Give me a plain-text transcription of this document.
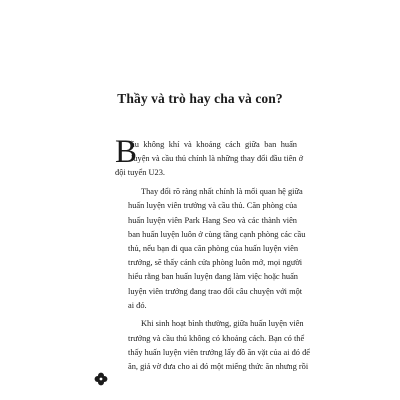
Thầy và trò hay cha và con?
B
ầu không khí và khoảng cách giữa ban huấn
luyện và cầu thủ chính là những thay đổi đầu tiên ở
đội tuyển U23.
Thay đổi rõ ràng nhất chính là mối quan hệ giữa
huấn luyện viên trưởng và cầu thủ. Căn phòng của
huấn luyện viên Park Hang Seo và các thành viên
ban huấn luyện luôn ở cùng tầng cạnh phòng các cầu
thủ, nếu bạn đi qua căn phòng của huấn luyện viên
trưởng, sẽ thấy cánh cửa phòng luôn mở, mọi người
hiểu rằng ban huấn luyện đang làm việc hoặc huấn
luyện viên trưởng đang trao đổi câu chuyện với một
ai đó.
Khi sinh hoạt bình thường, giữa huấn luyện viên
trưởng và cầu thủ không có khoảng cách. Bạn có thể
thấy huấn luyện viên trưởng lấy đồ ăn vặt của ai đó để
ăn, giả vờ đưa cho ai đó một miếng thức ăn nhưng rồi
